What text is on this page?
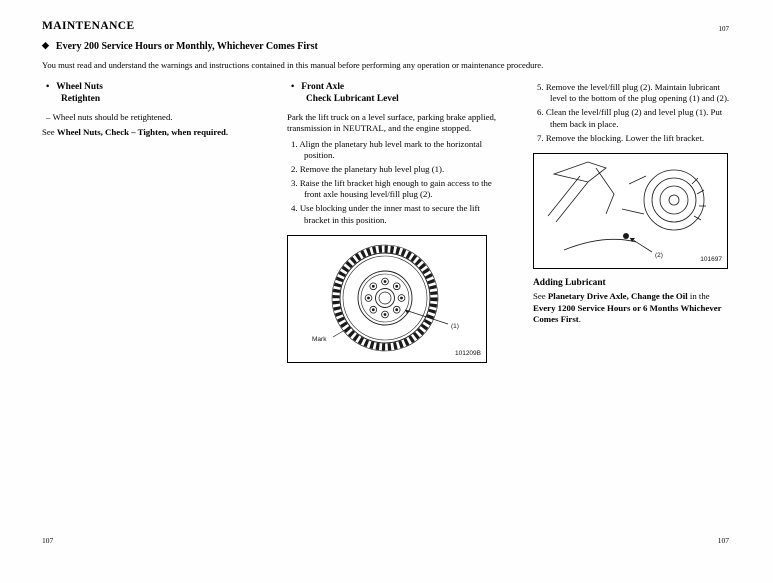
MAINTENANCE	107
◆ Every 200 Service Hours or Monthly, Whichever Comes First
You must read and understand the warnings and instructions contained in this manual before performing any operation or maintenance procedure.
• Wheel Nuts
Retighten
– Wheel nuts should be retightened.
See Wheel Nuts, Check – Tighten, when required.
• Front Axle
Check Lubricant Level
Park the lift truck on a level surface, parking brake applied, transmission in NEUTRAL, and the engine stopped.
1. Align the planetary hub level mark to the horizontal position.
2. Remove the planetary hub level plug (1).
3. Raise the lift bracket high enough to gain access to the front axle housing level/fill plug (2).
4. Use blocking under the inner mast to secure the lift bracket in this position.
Mark
(1)
101209B
5. Remove the level/fill plug (2). Maintain lubricant level to the bottom of the plug opening (1) and (2).
6. Clean the level/fill plug (2) and level plug (1). Put them back in place.
7. Remove the blocking. Lower the lift bracket.
(2)
101697
Adding Lubricant
See Planetary Drive Axle, Change the Oil in the Every 1200 Service Hours or 6 Months Whichever Comes First.
107	107
